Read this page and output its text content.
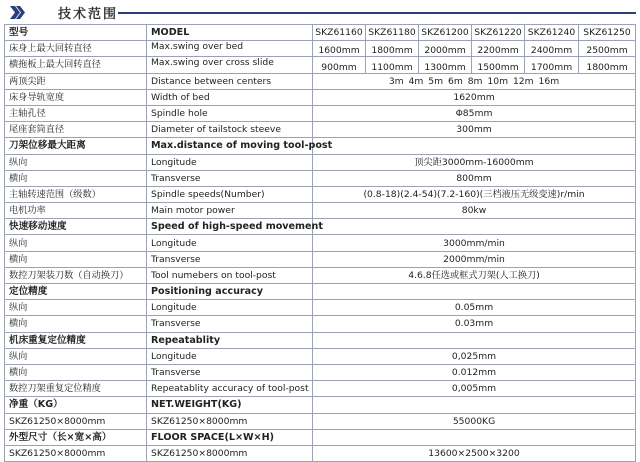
技术范围
型号	MODEL	SKZ61160	SKZ61180	SKZ61200	SKZ61220	SKZ61240	SKZ61250
床身上最大回转直径	Max.swing over bed	1600mm	1800mm	2000mm	2200mm	2400mm	2500mm
横拖板上最大回转直径	Max.swing over cross slide	900mm	1100mm	1300mm	1500mm	1700mm	1800mm
两顶尖距	Distance between centers	3m 4m 5m 6m 8m 10m 12m 16m					
床身导轨宽度	Width of bed	1620mm					
主轴孔径	Spindle hole	Φ85mm					
尾座套筒直径	Diameter of tailstock steeve	300mm					
刀架位移最大距离	Max.distance of moving tool-post						
纵向	Longitude	顶尖距3000mm-16000mm					
横向	Transverse	800mm					
主轴转速范围（级数）	Spindle speeds(Number)	(0.8-18)(2.4-54)(7.2-160)(三档液压无级变速)r/min					
电机功率	Main motor power	80kw					
快速移动速度	Speed of high-speed movement						
纵向	Longitude	3000mm/min					
横向	Transverse	2000mm/min					
数控刀架装刀数（自动换刀）	Tool numebers on tool-post	4.6.8任选或框式刀架(人工换刀)					
定位精度	Positioning accuracy						
纵向	Longitude	0.05mm					
横向	Transverse	0.03mm					
机床重复定位精度	Repeatablity						
纵向	Longitude	0,025mm					
横向	Transverse	0.012mm					
数控刀架重复定位精度	Repeatablity accuracy of tool-post	0,005mm					
净重（KG）	NET.WEIGHT(KG)						
SKZ61250×8000mm	SKZ61250×8000mm	55000KG					
外型尺寸（长×宽×高）	FLOOR SPACE(L×W×H)						
SKZ61250×8000mm	SKZ61250×8000mm	13600×2500×3200					
